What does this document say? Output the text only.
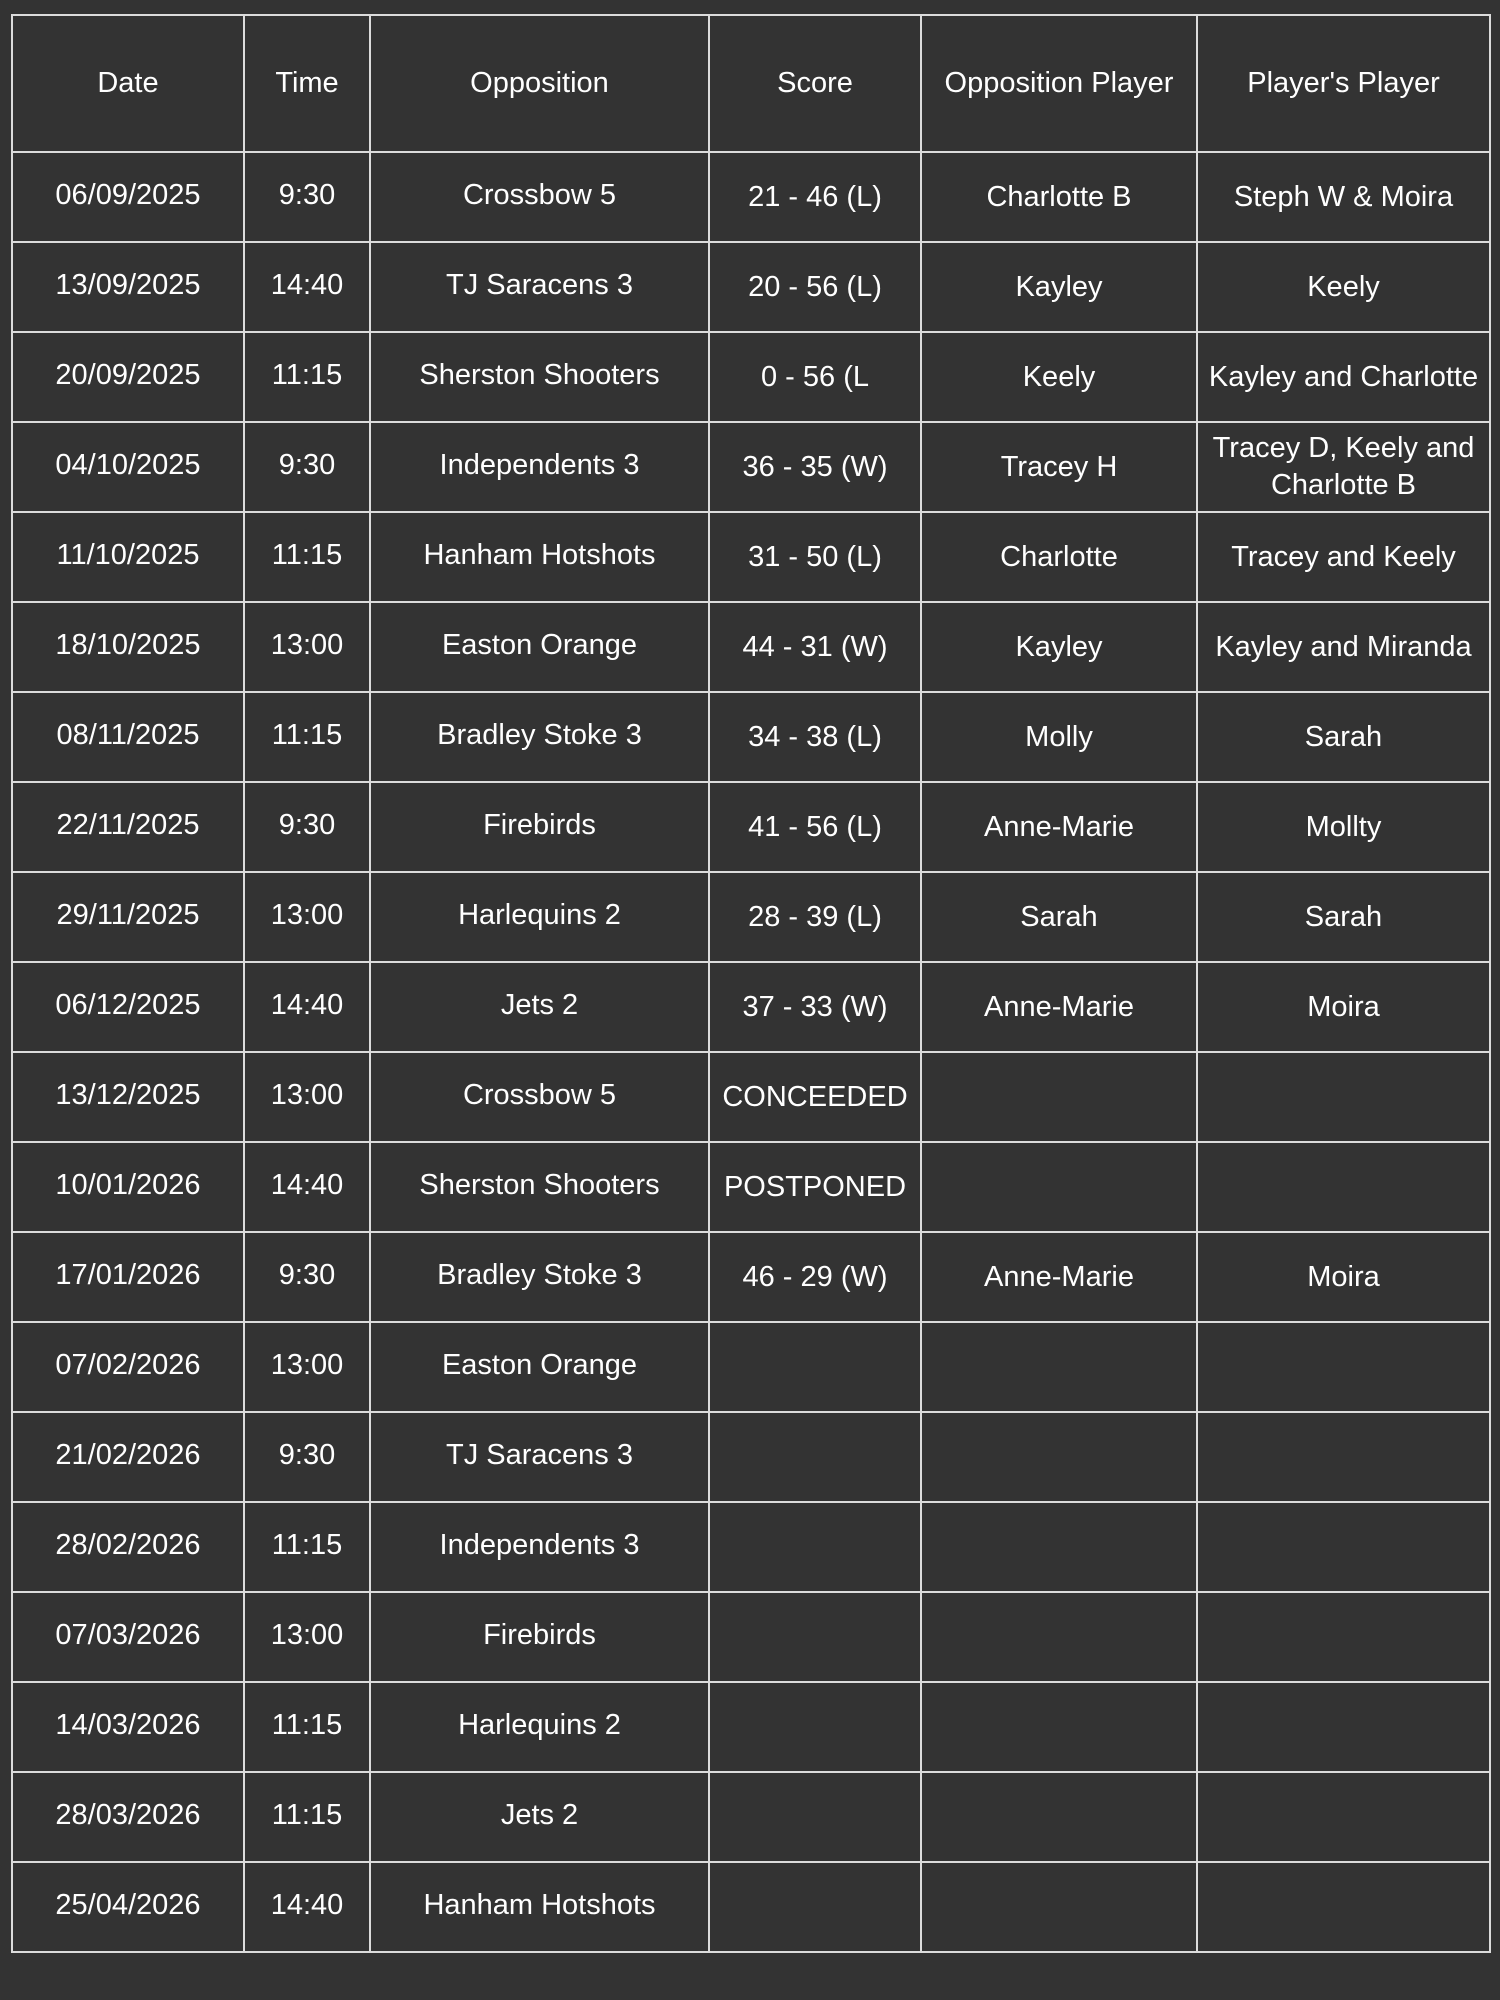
Date	Time	Opposition	Score	Opposition Player	Player's Player
06/09/2025	9:30	Crossbow 5	21 - 46 (L)	Charlotte B	Steph W & Moira
13/09/2025	14:40	TJ Saracens 3	20 - 56 (L)	Kayley	Keely
20/09/2025	11:15	Sherston Shooters	0 - 56 (L	Keely	Kayley and Charlotte
04/10/2025	9:30	Independents 3	36 - 35 (W)	Tracey H	Tracey D, Keely and Charlotte B
11/10/2025	11:15	Hanham Hotshots	31 - 50 (L)	Charlotte	Tracey and Keely
18/10/2025	13:00	Easton Orange	44 - 31 (W)	Kayley	Kayley and Miranda
08/11/2025	11:15	Bradley Stoke 3	34 - 38 (L)	Molly	Sarah
22/11/2025	9:30	Firebirds	41 - 56 (L)	Anne-Marie	Mollty
29/11/2025	13:00	Harlequins 2	28 - 39 (L)	Sarah	Sarah
06/12/2025	14:40	Jets 2	37 - 33 (W)	Anne-Marie	Moira
13/12/2025	13:00	Crossbow 5	CONCEEDED		
10/01/2026	14:40	Sherston Shooters	POSTPONED		
17/01/2026	9:30	Bradley Stoke 3	46 - 29 (W)	Anne-Marie	Moira
07/02/2026	13:00	Easton Orange			
21/02/2026	9:30	TJ Saracens 3			
28/02/2026	11:15	Independents 3			
07/03/2026	13:00	Firebirds			
14/03/2026	11:15	Harlequins 2			
28/03/2026	11:15	Jets 2			
25/04/2026	14:40	Hanham Hotshots			
